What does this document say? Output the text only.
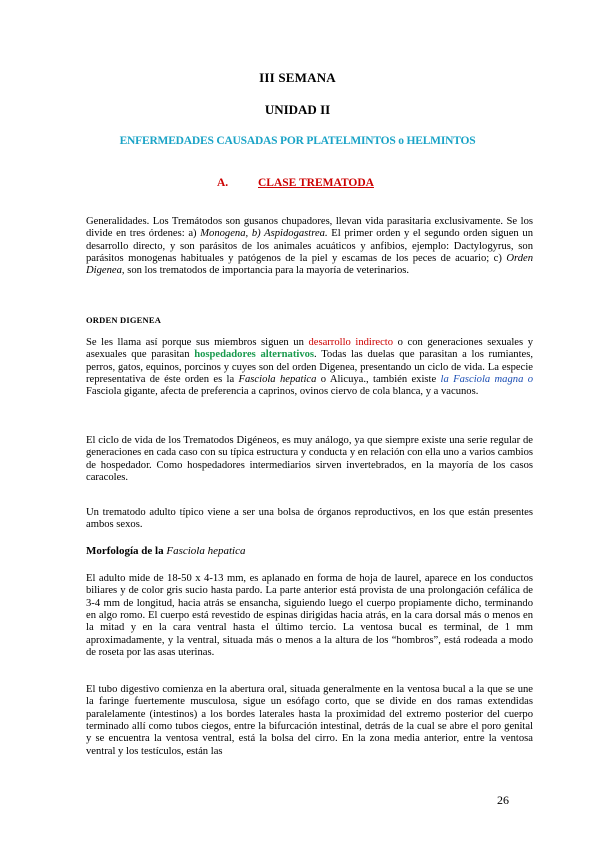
III SEMANA
UNIDAD II
ENFERMEDADES CAUSADAS POR PLATELMINTOS o HELMINTOS
A.	CLASE TREMATODA
Generalidades. Los Tremátodos son gusanos chupadores, llevan vida parasitaria exclusivamente. Se los divide en tres órdenes: a) Monogena, b) Aspidogastrea. El primer orden y el segundo orden siguen un desarrollo directo, y son parásitos de los animales acuáticos y anfibios, ejemplo: Dactylogyrus, son parásitos monogenas habituales y patógenos de la piel y escamas de los peces de acuario; c) Orden Digenea, son los trematodos de importancia para la mayoría de veterinarios.
ORDEN DIGENEA
Se les llama así porque sus miembros siguen un desarrollo indirecto o con generaciones sexuales y asexuales que parasitan hospedadores alternativos. Todas las duelas que parasitan a los rumiantes, perros, gatos, equinos, porcinos y cuyes son del orden Digenea, presentando un ciclo de vida. La especie representativa de éste orden es la Fasciola hepatica o Alicuya., también existe la Fasciola magna o Fasciola gigante, afecta de preferencia a caprinos, ovinos ciervo de cola blanca, y a vacunos.
El ciclo de vida de los Trematodos Digéneos, es muy análogo, ya que siempre existe una serie regular de generaciones en cada caso con su típica estructura y conducta y en relación con ella uno a varios cambios de hospedador. Como hospedadores intermediarios sirven invertebrados, en la mayoría de los casos caracoles.
Un trematodo adulto típico viene a ser una bolsa de órganos reproductivos, en los que están presentes ambos sexos.
Morfología de la Fasciola hepatica
El adulto mide de 18-50 x 4-13 mm, es aplanado en forma de hoja de laurel, aparece en los conductos biliares y de color gris sucio hasta pardo. La parte anterior está provista de una prolongación cefálica de 3-4 mm de longitud, hacia atrás se ensancha, siguiendo luego el cuerpo propiamente dicho, terminando en algo romo. El cuerpo está revestido de espinas dirigidas hacia atrás, en la cara dorsal más o menos en la mitad y en la cara ventral hasta el último tercio. La ventosa bucal es terminal, de 1 mm aproximadamente, y la ventral, situada más o menos a la altura de los “hombros”, está rodeada a modo de roseta por las asas uterinas.
El tubo digestivo comienza en la abertura oral, situada generalmente en la ventosa bucal a la que se une la faringe fuertemente musculosa, sigue un esófago corto, que se divide en dos ramas extendidas paralelamente (intestinos) a los bordes laterales hasta la proximidad del extremo posterior del cuerpo terminado allí como tubos ciegos, entre la bifurcación intestinal, detrás de la cual se abre el poro genital y se encuentra la ventosa ventral, está la bolsa del cirro. En la zona media anterior, entre la ventosa ventral y los testículos, están las
26
